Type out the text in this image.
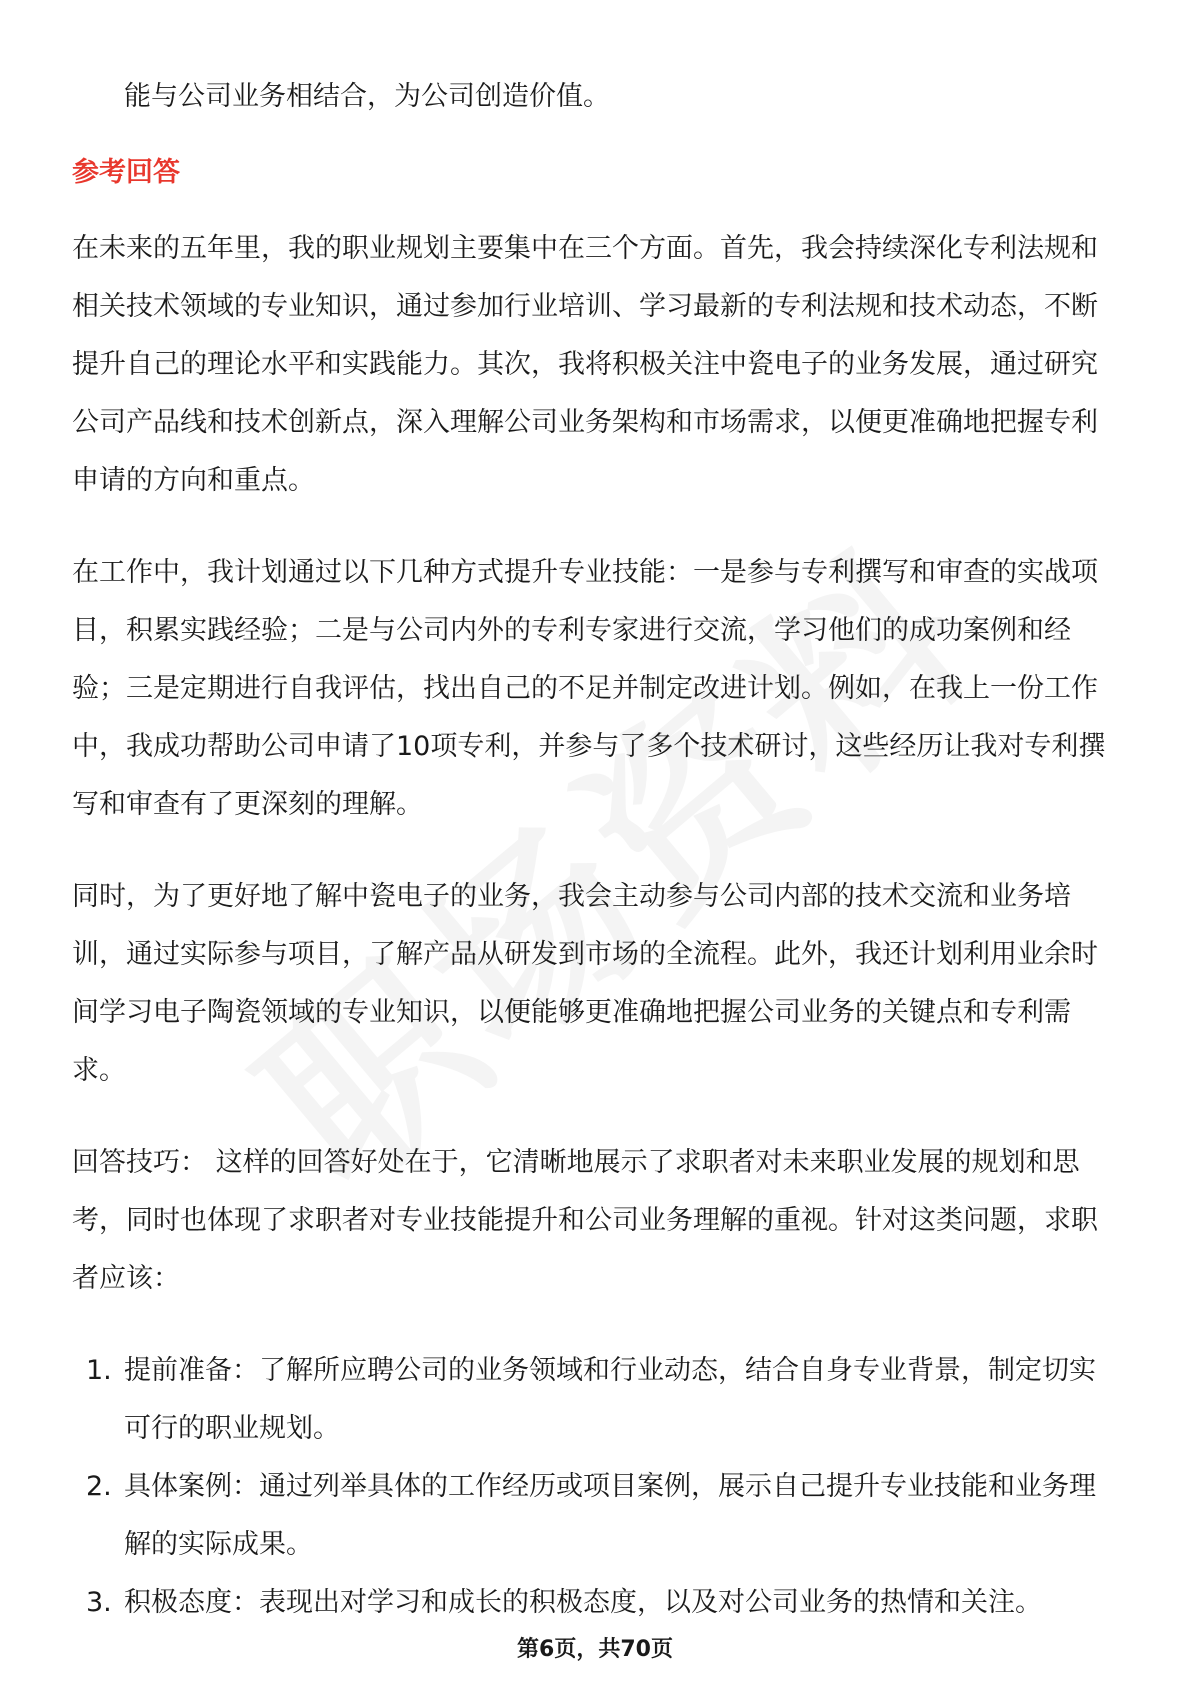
能与公司业务相结合，为公司创造价值。

参考回答

在未来的五年里，我的职业规划主要集中在三个方面。首先，我会持续深化专利法规和相关技术领域的专业知识，通过参加行业培训、学习最新的专利法规和技术动态，不断提升自己的理论水平和实践能力。其次，我将积极关注中瓷电子的业务发展，通过研究公司产品线和技术创新点，深入理解公司业务架构和市场需求，以便更准确地把握专利申请的方向和重点。

在工作中，我计划通过以下几种方式提升专业技能：一是参与专利撰写和审查的实战项目，积累实践经验；二是与公司内外的专利专家进行交流，学习他们的成功案例和经验；三是定期进行自我评估，找出自己的不足并制定改进计划。例如，在我上一份工作中，我成功帮助公司申请了10项专利，并参与了多个技术研讨，这些经历让我对专利撰写和审查有了更深刻的理解。

同时，为了更好地了解中瓷电子的业务，我会主动参与公司内部的技术交流和业务培训，通过实际参与项目，了解产品从研发到市场的全流程。此外，我还计划利用业余时间学习电子陶瓷领域的专业知识，以便能够更准确地把握公司业务的关键点和专利需求。

回答技巧： 这样的回答好处在于，它清晰地展示了求职者对未来职业发展的规划和思考，同时也体现了求职者对专业技能提升和公司业务理解的重视。针对这类问题，求职者应该：

1. 提前准备：了解所应聘公司的业务领域和行业动态，结合自身专业背景，制定切实可行的职业规划。
2. 具体案例：通过列举具体的工作经历或项目案例，展示自己提升专业技能和业务理解的实际成果。
3. 积极态度：表现出对学习和成长的积极态度，以及对公司业务的热情和关注。
第6页，共70页
